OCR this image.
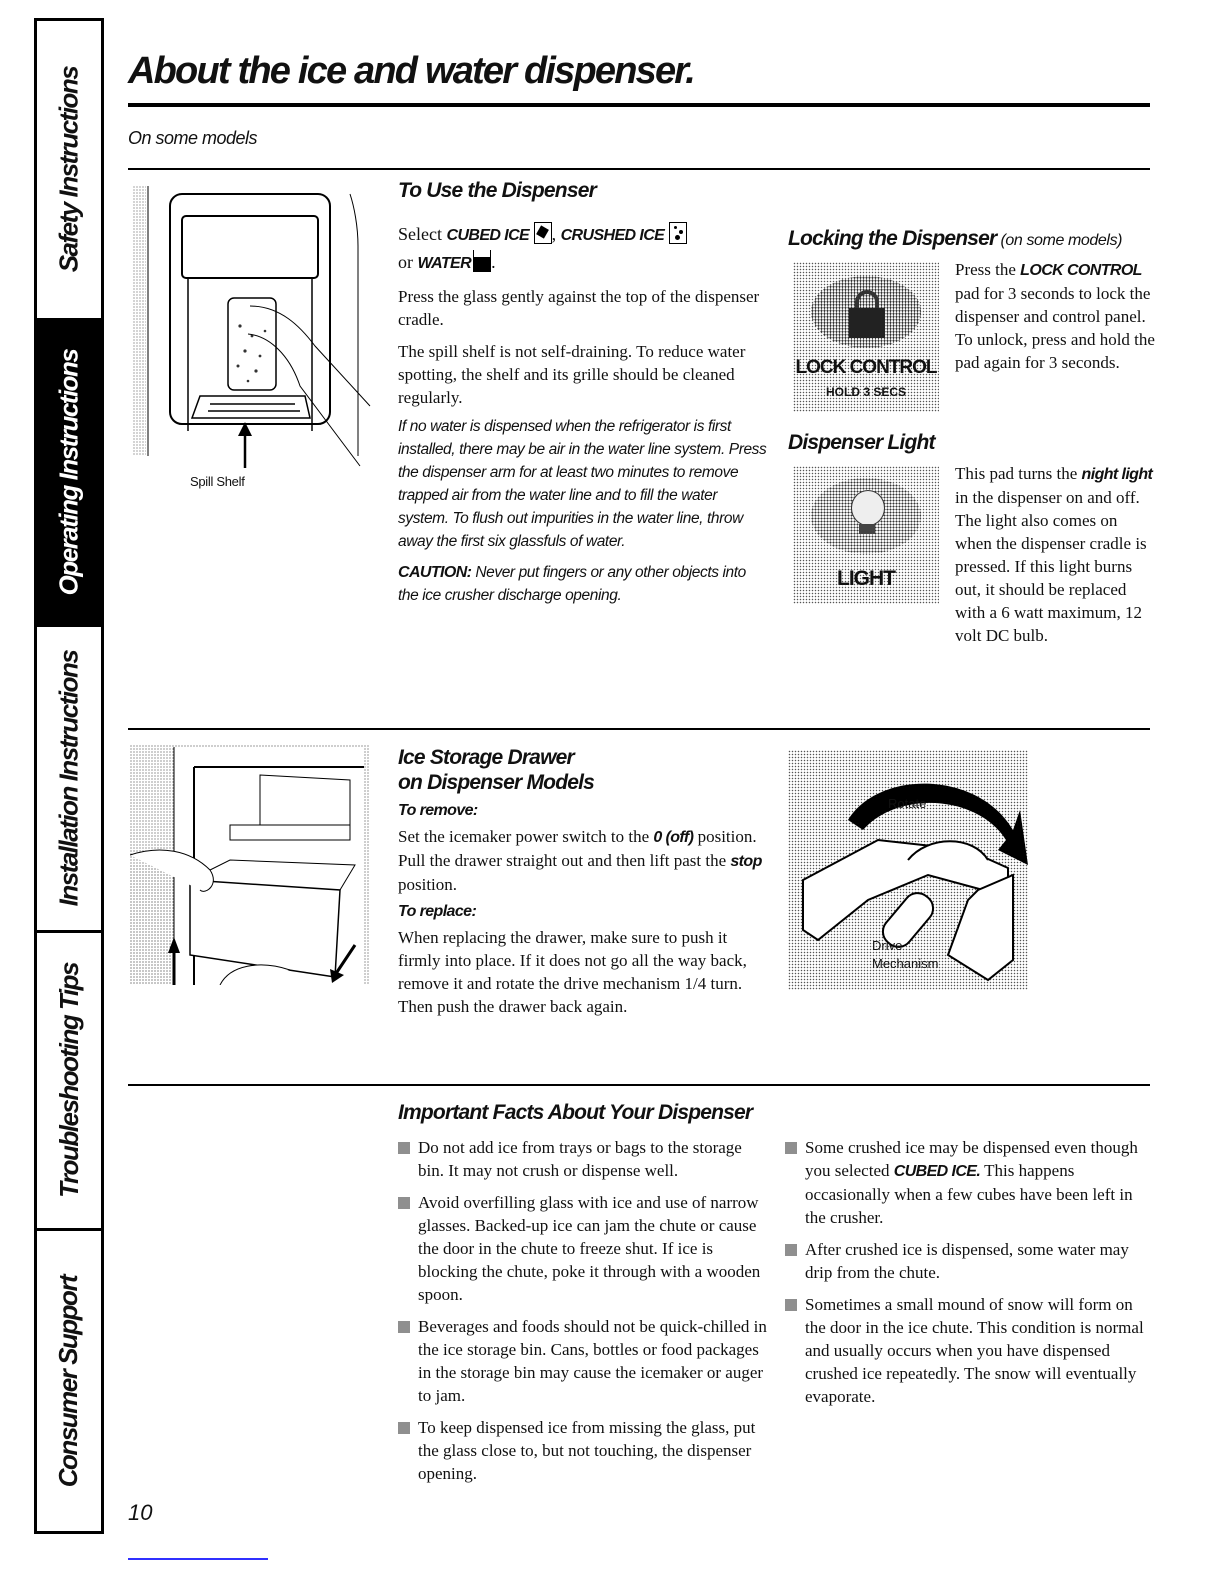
Safety Instructions
Operating Instructions
Installation Instructions
Troubleshooting Tips
Consumer Support
About the ice and water dispenser.
On some models
Spill Shelf
To Use the Dispenser

Select CUBED ICE , CRUSHED ICE

or WATER .

Press the glass gently against the top of the dispenser cradle.

The spill shelf is not self-draining. To reduce water spotting, the shelf and its grille should be cleaned regularly.

If no water is dispensed when the refrigerator is first installed, there may be air in the water line system. Press the dispenser arm for at least two minutes to remove trapped air from the water line and to fill the water system. To flush out impurities in the water line, throw away the first six glassfuls of water.

CAUTION: Never put fingers or any other objects into the ice crusher discharge opening.

Locking the Dispenser (on some models)
LOCK CONTROL
HOLD 3 SECS

Press the LOCK CONTROL pad for 3 seconds to lock the dispenser and control panel. To unlock, press and hold the pad again for 3 seconds.

Dispenser Light
LIGHT

This pad turns the night light in the dispenser on and off. The light also comes on when the dispenser cradle is pressed. If this light burns out, it should be replaced with a 6 watt maximum, 12 volt DC bulb.

Ice Storage Drawer
on Dispenser Models
To remove:

Set the icemaker power switch to the 0 (off) position. Pull the drawer straight out and then lift past the stop position.

To replace:

When replacing the drawer, make sure to push it firmly into place. If it does not go all the way back, remove it and rotate the drive mechanism 1/4 turn. Then push the drawer back again.

Rotate
Drive
Mechanism
Important Facts About Your Dispenser
Do not add ice from trays or bags to the storage bin. It may not crush or dispense well.
Avoid overfilling glass with ice and use of narrow glasses. Backed-up ice can jam the chute or cause the door in the chute to freeze shut. If ice is blocking the chute, poke it through with a wooden spoon.
Beverages and foods should not be quick-chilled in the ice storage bin. Cans, bottles or food packages in the storage bin may cause the icemaker or auger to jam.
To keep dispensed ice from missing the glass, put the glass close to, but not touching, the dispenser opening.
Some crushed ice may be dispensed even though you selected CUBED ICE. This happens occasionally when a few cubes have been left in the crusher.
After crushed ice is dispensed, some water may drip from the chute.
Sometimes a small mound of snow will form on the door in the ice chute. This condition is normal and usually occurs when you have dispensed crushed ice repeatedly. The snow will eventually evaporate.
10
